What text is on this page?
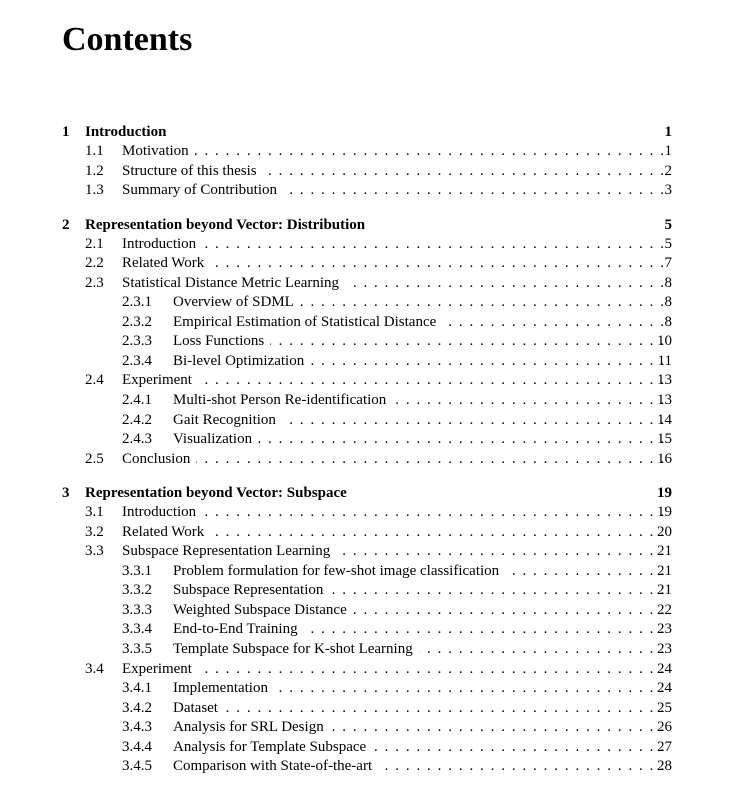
Contents
1 Introduction	1
1.1 Motivation . . .	1
1.2 Structure of this thesis . . .	2
1.3 Summary of Contribution . . .	3
2 Representation beyond Vector: Distribution	5
2.1 Introduction . . .	5
2.2 Related Work . . .	7
2.3 Statistical Distance Metric Learning . . .	8
2.3.1 Overview of SDML . . .	8
2.3.2 Empirical Estimation of Statistical Distance . . .	8
2.3.3 Loss Functions . . .	10
2.3.4 Bi-level Optimization . . .	11
2.4 Experiment . . .	13
2.4.1 Multi-shot Person Re-identification . . .	13
2.4.2 Gait Recognition . . .	14
2.4.3 Visualization . . .	15
2.5 Conclusion . . .	16
3 Representation beyond Vector: Subspace	19
3.1 Introduction . . .	19
3.2 Related Work . . .	20
3.3 Subspace Representation Learning . . .	21
3.3.1 Problem formulation for few-shot image classification . . .	21
3.3.2 Subspace Representation . . .	21
3.3.3 Weighted Subspace Distance . . .	22
3.3.4 End-to-End Training . . .	23
3.3.5 Template Subspace for K-shot Learning . . .	23
3.4 Experiment . . .	24
3.4.1 Implementation . . .	24
3.4.2 Dataset . . .	25
3.4.3 Analysis for SRL Design . . .	26
3.4.4 Analysis for Template Subspace . . .	27
3.4.5 Comparison with State-of-the-art . . .	28
